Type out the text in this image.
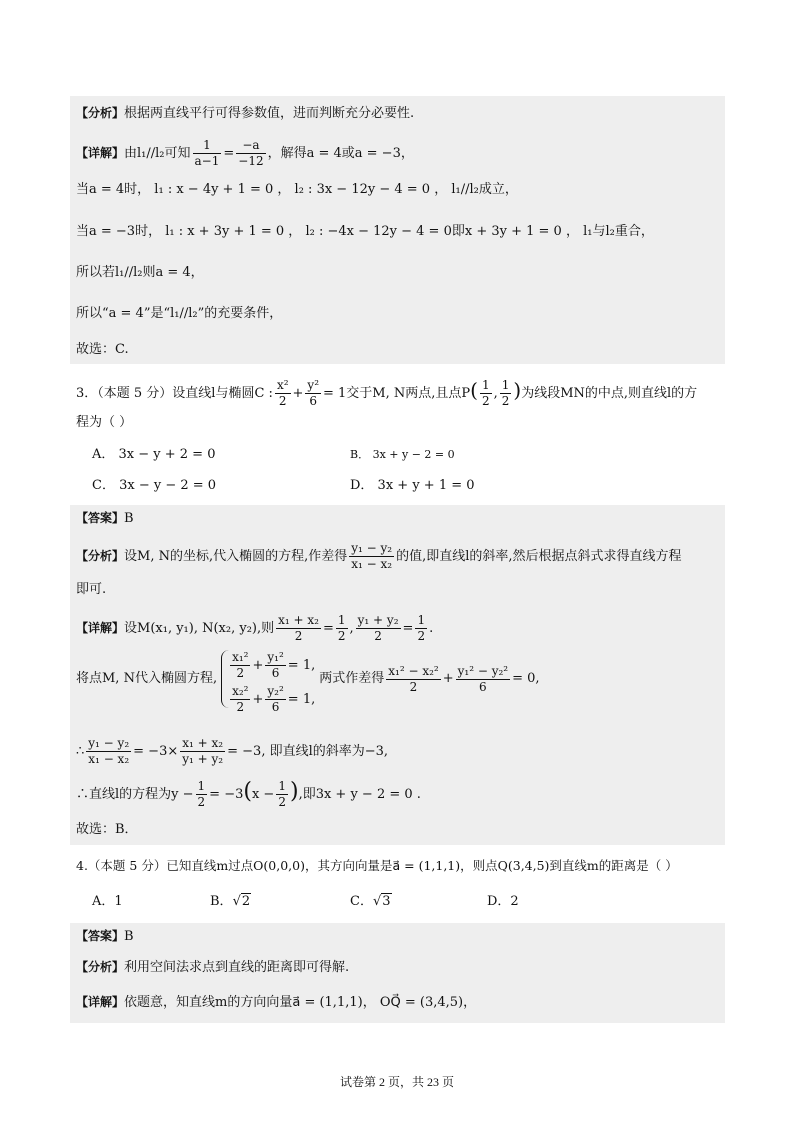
【分析】根据两直线平行可得参数值，进而判断充分必要性.
【详解】由l₁//l₂可知 $\frac{1}{a-1} = \frac{-a}{-12}$ ，解得a = 4或a = −3，
当a = 4时， l₁ : x − 4y + 1 = 0 ， l₂ : 3x − 12y − 4 = 0 ， l₁//l₂成立，
当a = −3时， l₁ : x + 3y + 1 = 0 ， l₂ : −4x − 12y − 4 = 0即x + 3y + 1 = 0 ， l₁与l₂重合，
所以若l₁//l₂则a = 4，
所以“a = 4”是“l₁//l₂”的充要条件，
故选：C.
3．（本题 5 分）设直线l与椭圆C : $\frac{\text{x²}}{2} + \frac{\text{y²}}{6} = 1$交于M, N两点,且点$P( \frac{1}{2}$ , $\frac{1}{2}$ )为线段MN的中点,则直线l的方
程为（ ）
A． 3x − y + 2 = 0	B． 3x + y − 2 = 0
C． 3x − y − 2 = 0	D． 3x + y + 1 = 0
【答案】B
【分析】设M, N的坐标,代入椭圆的方程,作差得 $\frac{\text{y₁ − y₂}}{\text{x₁ − x₂}}$ 的值,即直线l的斜率,然后根据点斜式求得直线方程
即可.
【详解】设M(x₁, y₁), N(x₂, y₂),则 $\frac{\text{x₁ + x₂}}{2} = \frac{1}{2}$ , $\frac{\text{y₁ + y₂}}{2} = \frac{1}{2}$ .
将点M, N代入椭圆方程, $\frac{\text{x₁²}}{2} + \frac{\text{y₁²}}{6} = 1$,
$\frac{\text{x₂²}}{2} + \frac{\text{y₂²}}{6} = 1$,
两式作差得 $\frac{\text{x₁² − x₂²}}{2} + \frac{\text{y₁² − y₂²}}{6} = 0$,
∴ $\frac{\text{y₁ − y₂}}{\text{x₁ − x₂}} = -3\times \frac{\text{x₁ + x₂}}{\text{y₁ + y₂}} = -3$, 即直线l的斜率为−3,
∴直线l的方程为$y - \frac{1}{2} = -3(x - \frac{1}{2}$ ),即3x + y − 2 = 0 .
故选：B．
4.（本题 5 分）已知直线m过点O(0,0,0)，其方向向量是a⃗ = (1,1,1)，则点Q(3,4,5)到直线m的距离是（ ）
A．1	B．√2	C．√3	D．2
【答案】B
【分析】利用空间法求点到直线的距离即可得解.
【详解】依题意，知直线m的方向向量a⃗ = (1,1,1)， OQ⃗ = (3,4,5)，
试卷第 2 页，共 23 页
